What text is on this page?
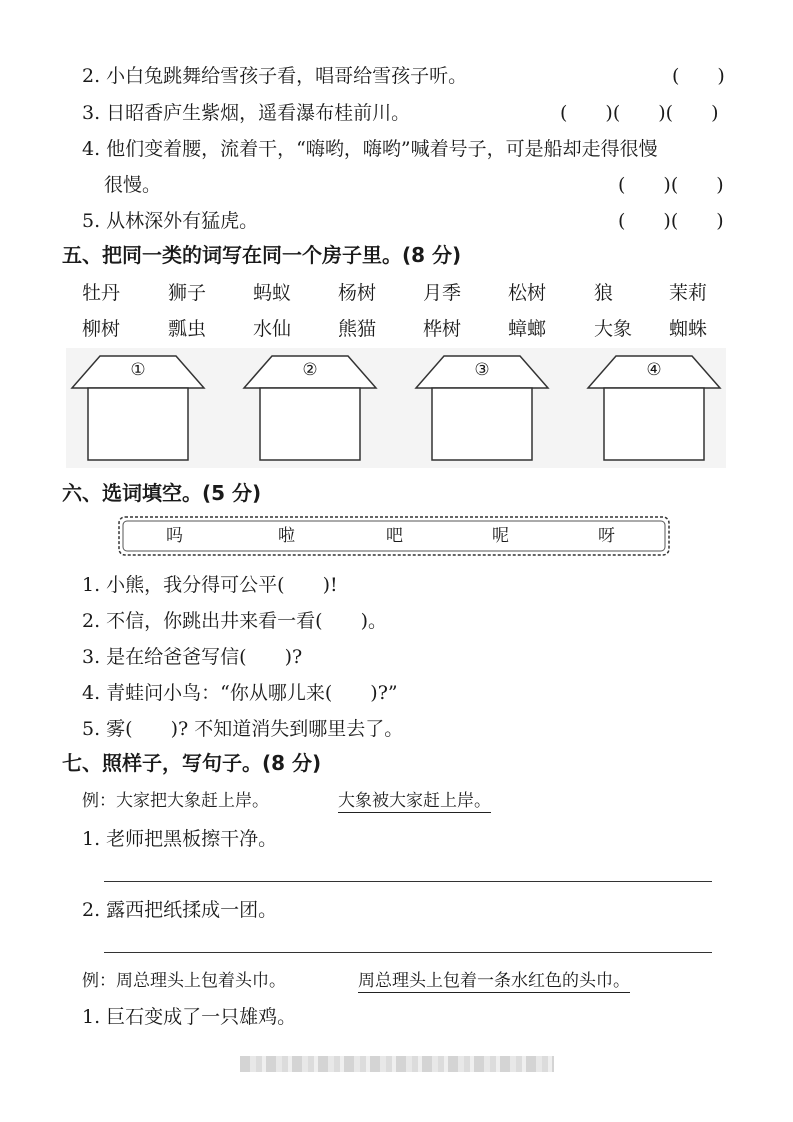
2. 小白兔跳舞给雪孩子看，唱哥给雪孩子听。	(　　)
3. 日昭香庐生紫烟，遥看瀑布桂前川。	(　　)(　　)(　　)
4. 他们变着腰，流着干，“嗨哟，嗨哟”喊着号子，可是船却走得很慢
很慢。	(　　)(　　)
5. 从林深外有猛虎。	(　　)(　　)
五、把同一类的词写在同一个房子里。(8 分)
牡丹	狮子 蚂蚁 杨树 月季 松树	狼	茉莉
柳树	瓢虫 水仙 熊猫 桦树 蟑螂	大象 蜘蛛
①	②	③	④
六、选词填空。(5 分)
吗	啦	吧	呢	呀
1. 小熊，我分得可公平(　　)!
2. 不信，你跳出井来看一看(　　)。
3. 是在给爸爸写信(　　)?
4. 青蛙问小鸟：“你从哪儿来(　　)?”
5. 雾(　　)? 不知道消失到哪里去了。
七、照样子，写句子。(8 分)
例：大家把大象赶上岸。	大象被大家赶上岸。
1. 老师把黑板擦干净。
2. 露西把纸揉成一团。
例：周总理头上包着头巾。	周总理头上包着一条水红色的头巾。
1. 巨石变成了一只雄鸡。
